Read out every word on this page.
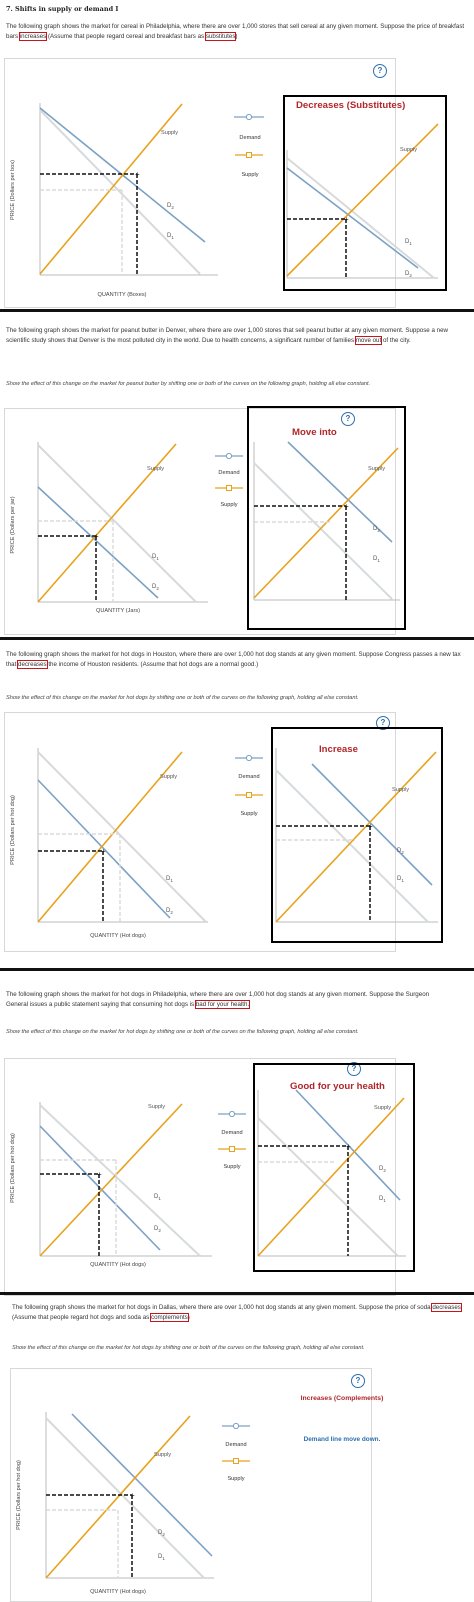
7. Shifts in supply or demand I
The following graph shows the market for cereal in Philadelphia, where there are over 1,000 stores that sell cereal at any given moment. Suppose the price of breakfast bars increases (Assume that people regard cereal and breakfast bars as substitutes)
?
PRICE (Dollars per box)	+
Supply
$D_2$
$D_1$
QUANTITY (Boxes)
Demand
Supply
+
Supply
$D_1$
$D_2$
Decreases (Substitutes)
The following graph shows the market for peanut butter in Denver, where there are over 1,000 stores that sell peanut butter at any given moment. Suppose a new scientific study shows that Denver is the most polluted city in the world. Due to health concerns, a significant number of families move out of the city.
Show the effect of this change on the market for peanut butter by shifting one or both of the curves on the following graph, holding all else constant.
?
PRICE (Dollars per jar)	+
Supply
$D_1$
$D_2$
QUANTITY (Jars)
Demand
Supply	+
Supply
$D_2$
$D_1$
Move into
The following graph shows the market for hot dogs in Houston, where there are over 1,000 hot dog stands at any given moment. Suppose Congress passes a new tax that decreases the income of Houston residents. (Assume that hot dogs are a normal good.)
Show the effect of this change on the market for hot dogs by shifting one or both of the curves on the following graph, holding all else constant.
?
PRICE (Dollars per hot dog)	+
Supply
$D_1$
$D_2$
QUANTITY (Hot dogs)
Demand
Supply
+
Supply
$D_2$
$D_1$
Increase
The following graph shows the market for hot dogs in Philadelphia, where there are over 1,000 hot dog stands at any given moment. Suppose the Surgeon General issues a public statement saying that consuming hot dogs is bad for your health.
Show the effect of this change on the market for hot dogs by shifting one or both of the curves on the following graph, holding all else constant.
?
PRICE (Dollars per hot dog)	+
Supply
$D_1$
$D_2$
QUANTITY (Hot dogs)
Demand
Supply
+
Supply
$D_2$
$D_1$
Good for your health
The following graph shows the market for hot dogs in Dallas, where there are over 1,000 hot dog stands at any given moment. Suppose the price of soda decreases (Assume that people regard hot dogs and soda as complements)
Show the effect of this change on the market for hot dogs by shifting one or both of the curves on the following graph, holding all else constant.
?
PRICE (Dollars per hot dog)	+
Supply
$D_2$
$D_1$
QUANTITY (Hot dogs)
Demand
Supply
Increases (Complements)
Demand line move down.
